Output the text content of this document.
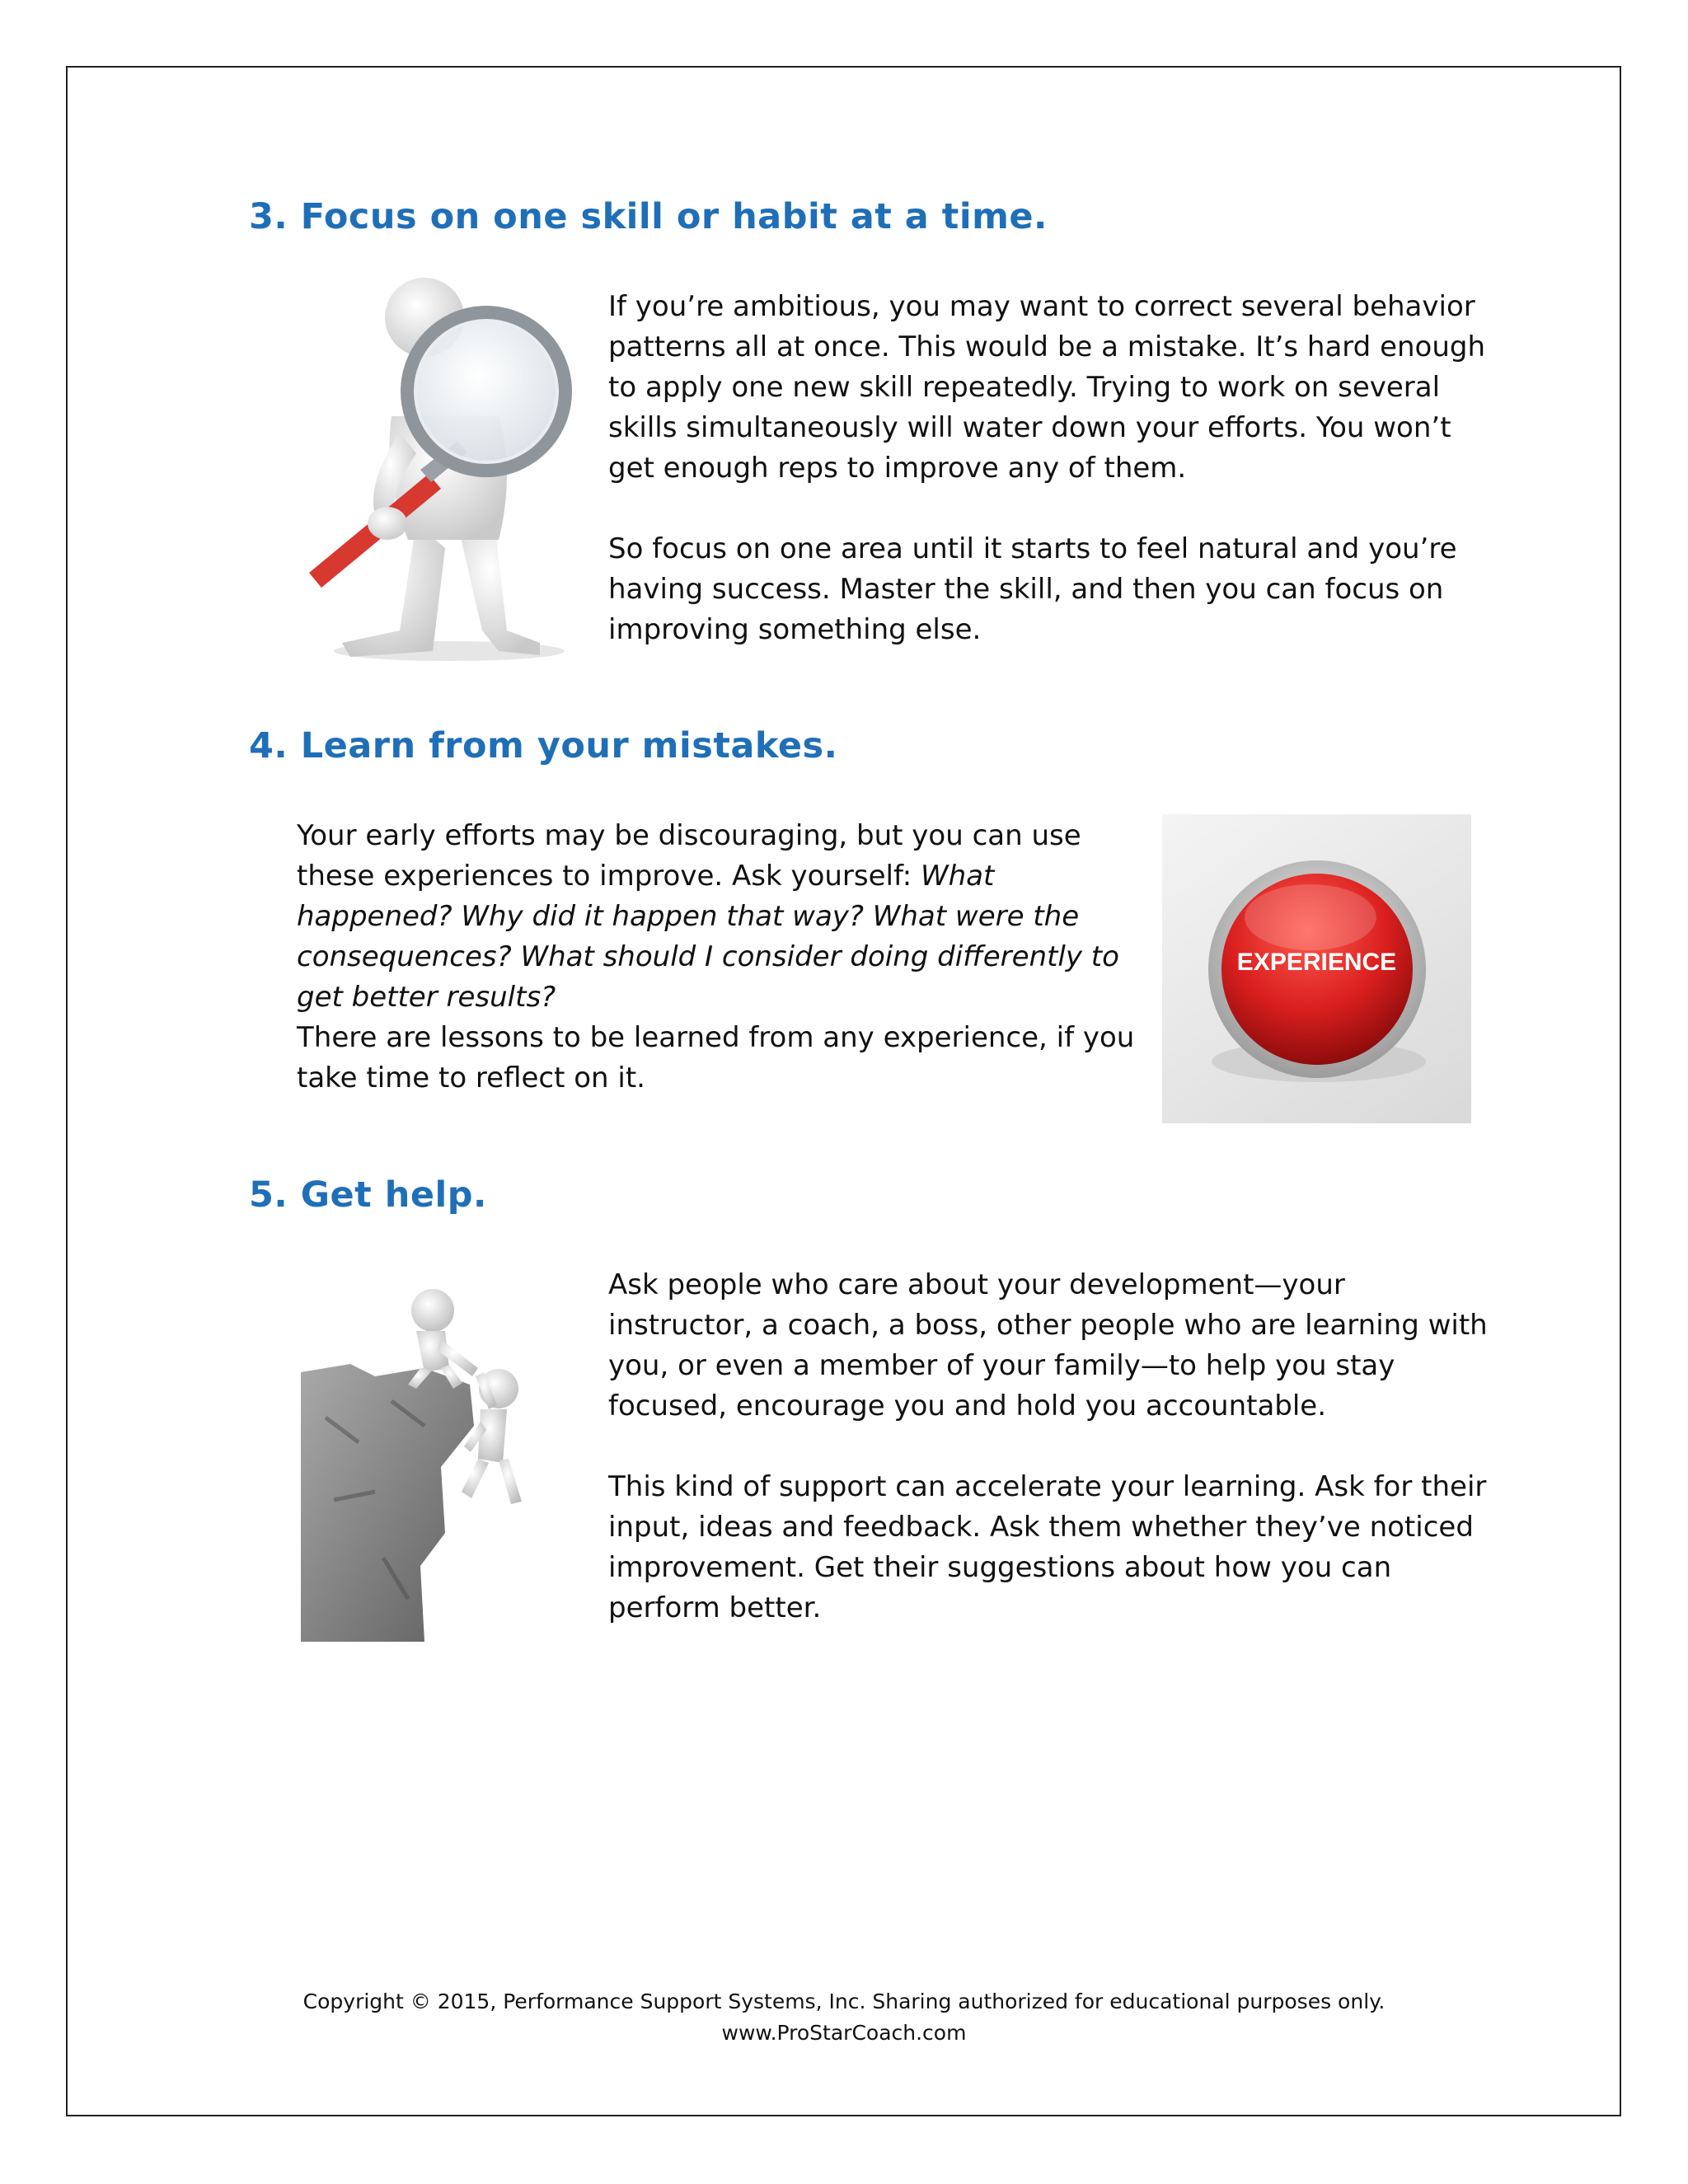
3. Focus on one skill or habit at a time.

If you’re ambitious, you may want to correct several behavior patterns all at once. This would be a mistake. It’s hard enough to apply one new skill repeatedly. Trying to work on several skills simultaneously will water down your efforts. You won’t get enough reps to improve any of them.

So focus on one area until it starts to feel natural and you’re having success. Master the skill, and then you can focus on improving something else.

4. Learn from your mistakes.

Your early efforts may be discouraging, but you can use these experiences to improve. Ask yourself: What happened? Why did it happen that way? What were the consequences? What should I consider doing differently to get better results?

There are lessons to be learned from any experience, if you take time to reflect on it.

EXPERIENCE
5. Get help.

Ask people who care about your development—your instructor, a coach, a boss, other people who are learning with you, or even a member of your family—to help you stay focused, encourage you and hold you accountable.

This kind of support can accelerate your learning. Ask for their input, ideas and feedback. Ask them whether they’ve noticed improvement. Get their suggestions about how you can perform better.

Copyright © 2015, Performance Support Systems, Inc. Sharing authorized for educational purposes only.
www.ProStarCoach.com
